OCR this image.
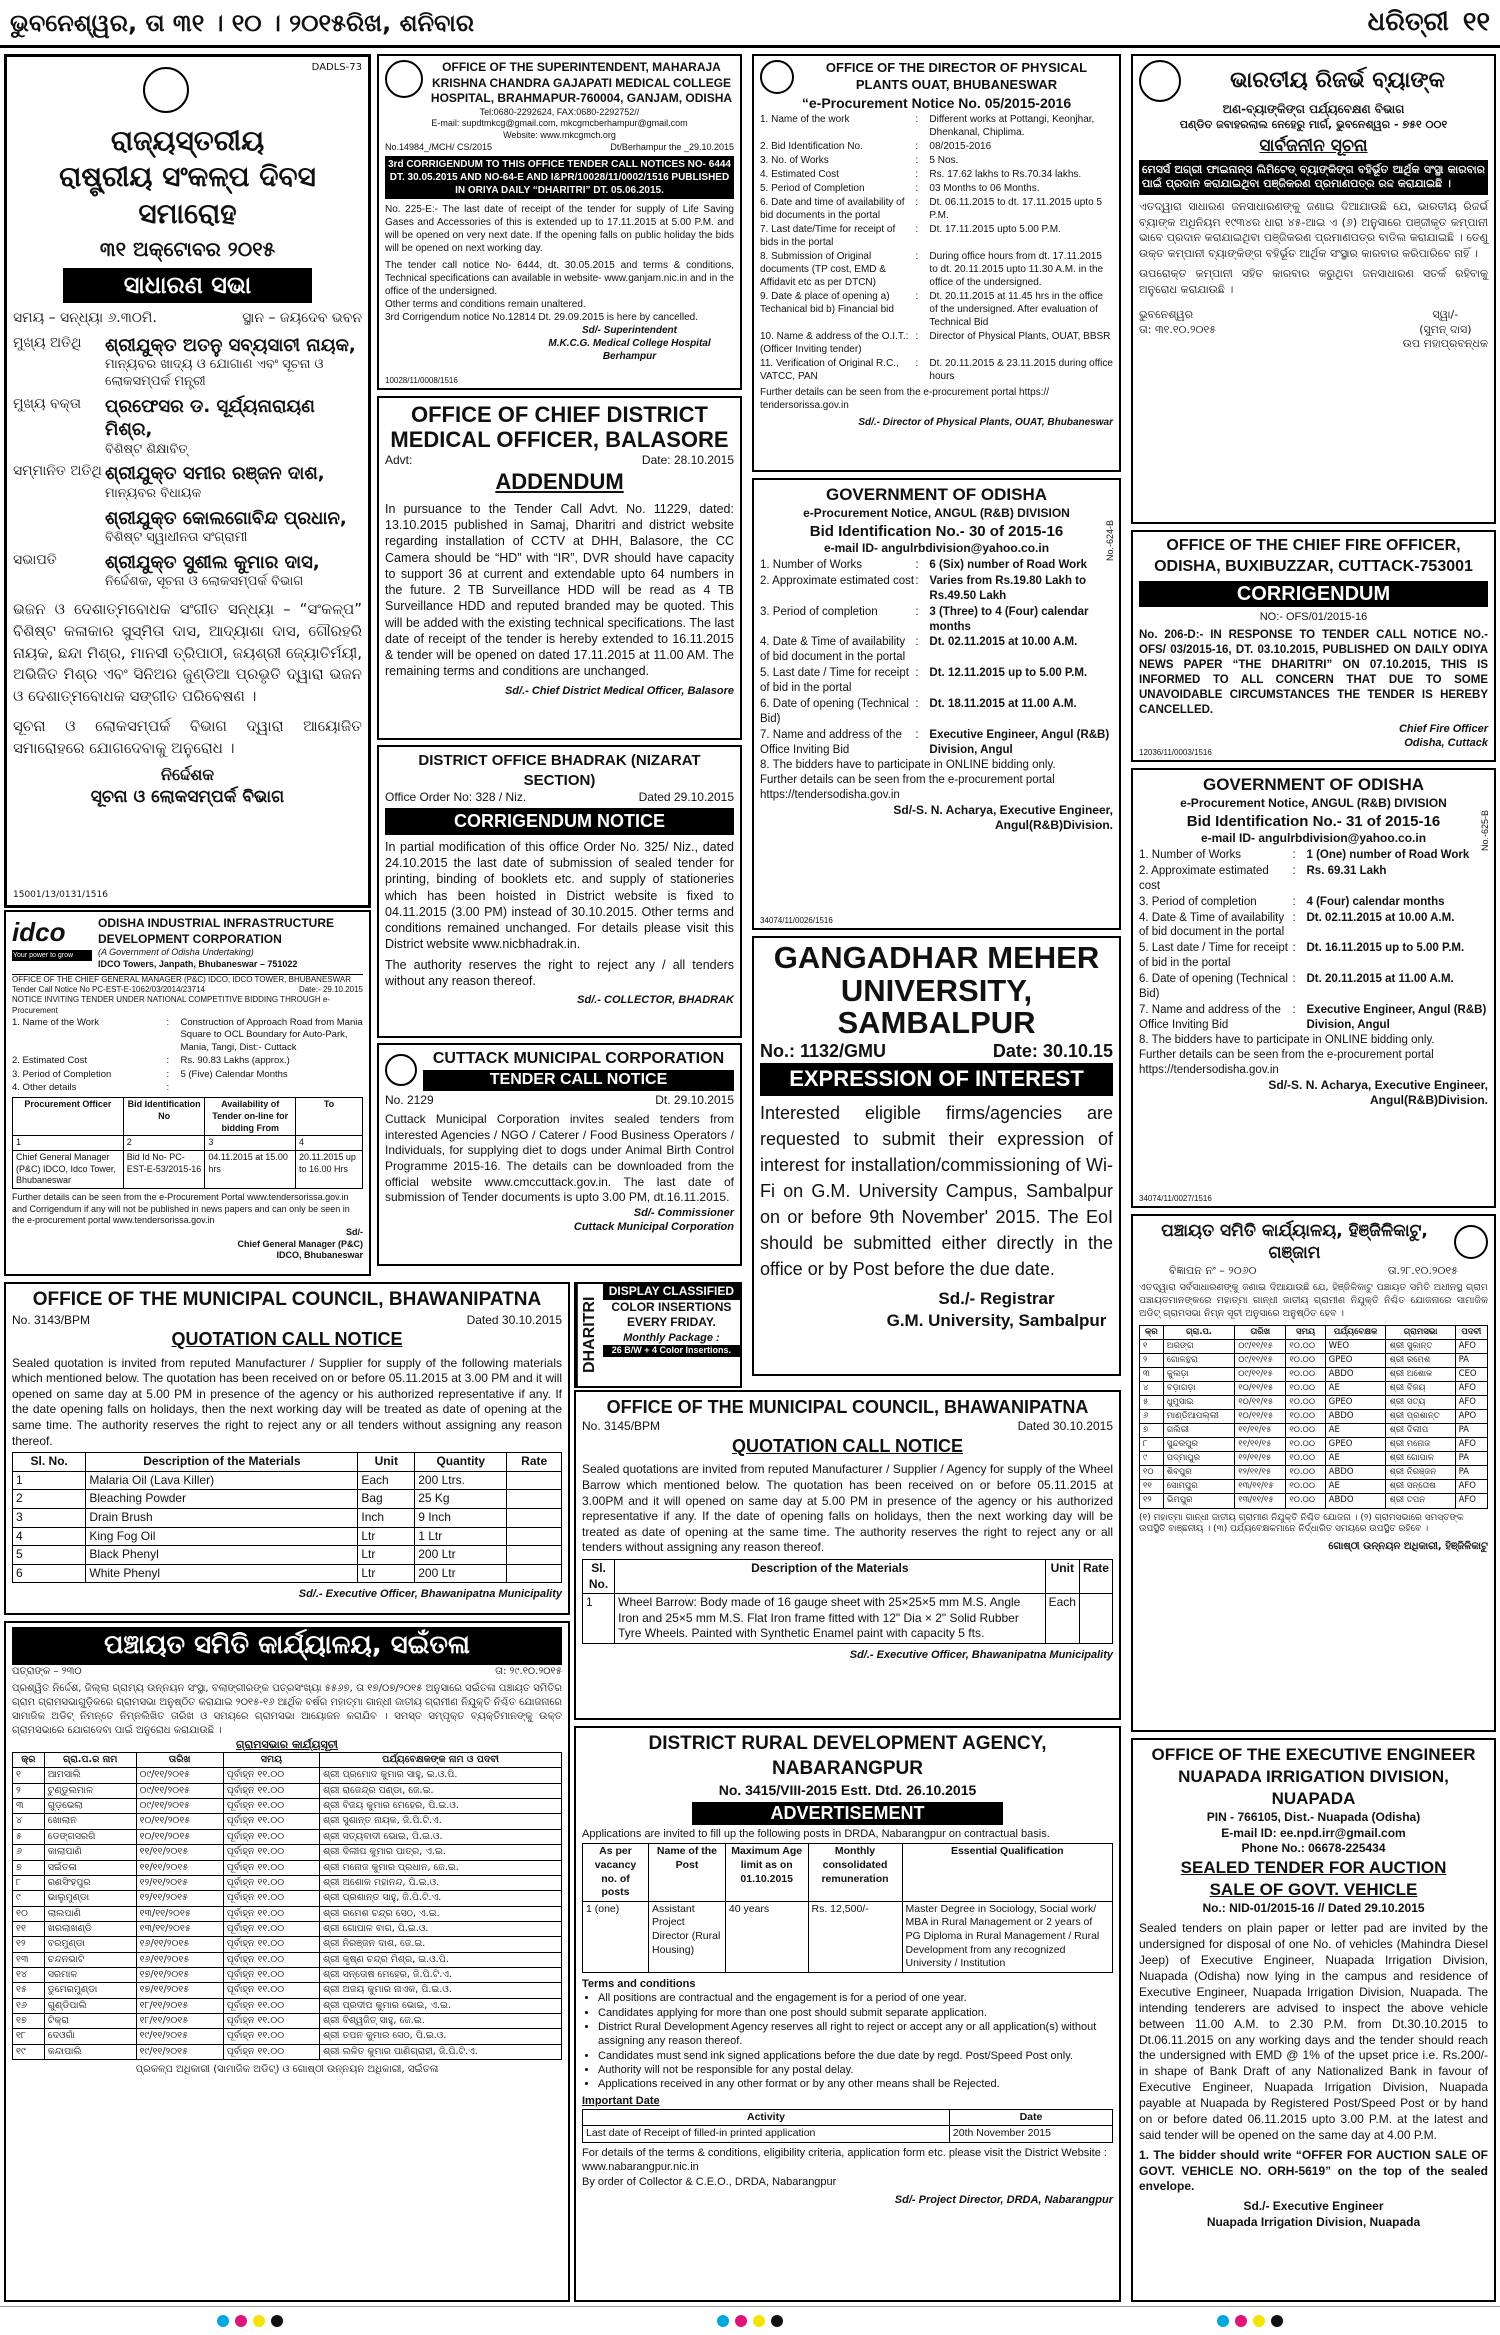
ଭୁବନେଶ୍ୱର, ତା ୩୧ । ୧୦ । ୨୦୧୫ରିଖ, ଶନିବାର	ଧରିତ୍ରୀ ୧୧
DADLS-73
ରାଜ୍ୟସ୍ତରୀୟ
ରାଷ୍ଟ୍ରୀୟ ସଂକଳ୍ପ ଦିବସ ସମାରୋହ
୩୧ ଅକ୍ଟୋବର ୨୦୧୫
ସାଧାରଣ ସଭା
ସମୟ – ସନ୍ଧ୍ୟା ୬.୩୦ମି.	ସ୍ଥାନ – ଜୟଦେବ ଭବନ
ମୁଖ୍ୟ ଅତିଥି	ଶ୍ରୀଯୁକ୍ତ ଅତନୁ ସବ୍ୟସାଚୀ ନାୟକ,
ମାନ୍ୟବର ଖାଦ୍ୟ ଓ ଯୋଗାଣ ଏବଂ ସୂଚନା ଓ ଲୋକସମ୍ପର୍କ ମନ୍ତ୍ରୀ
ମୁଖ୍ୟ ବକ୍ତା	ପ୍ରଫେସର ଡ. ସୂର୍ଯ୍ୟନାରାୟଣ ମିଶ୍ର,
ବିଶିଷ୍ଟ ଶିକ୍ଷାବିତ୍
ସମ୍ମାନିତ ଅତିଥି ଶ୍ରୀଯୁକ୍ତ ସମୀର ରଞ୍ଜନ ଦାଶ,
ମାନ୍ୟବର ବିଧାୟକ
ଶ୍ରୀଯୁକ୍ତ କୋଲଗୋବିନ୍ଦ ପ୍ରଧାନ,
ବିଶିଷ୍ଟ ସ୍ୱାଧୀନତା ସଂଗ୍ରାମୀ
ସଭାପତି	ଶ୍ରୀଯୁକ୍ତ ସୁଶୀଲ କୁମାର ଦାସ,
ନିର୍ଦ୍ଦେଶକ, ସୂଚନା ଓ ଲୋକସମ୍ପର୍କ ବିଭାଗ
ଭଜନ ଓ ଦେଶାତ୍ମବୋଧକ ସଂଗୀତ ସନ୍ଧ୍ୟା – “ସଂକଳ୍ପ” ବିଶିଷ୍ଟ କଳାକାର ସୁସ୍ମିତା ଦାସ, ଆଦ୍ୟାଶା ଦାସ, ଗୌରହରି ନାୟକ, ଛନ୍ଦା ମିଶ୍ର, ମାନସୀ ତ୍ରିପାଠୀ, ଜୟଶ୍ରୀ ଜ୍ୟୋତିର୍ମୟୀ, ଅଭିଜିତ ମିଶ୍ର ଏବଂ ସିନିଅର ଜୁଣ୍ଡିଆ ପ୍ରଭୃତି ଦ୍ୱାରା ଭଜନ ଓ ଦେଶାତ୍ମବୋଧକ ସଙ୍ଗୀତ ପରିବେଷଣ ।
ସୂଚନା ଓ ଲୋକସମ୍ପର୍କ ବିଭାଗ ଦ୍ୱାରା ଆୟୋଜିତ ସମାରୋହରେ ଯୋଗଦେବାକୁ ଅନୁରୋଧ ।
ନିର୍ଦ୍ଦେଶକ
ସୂଚନା ଓ ଲୋକସମ୍ପର୍କ ବିଭାଗ
15001/13/0131/1516
idco
Your power to grow
ODISHA INDUSTRIAL INFRASTRUCTURE DEVELOPMENT CORPORATION
(A Government of Odisha Undertaking)
IDCO Towers, Janpath, Bhubaneswar – 751022
OFFICE OF THE CHIEF GENERAL MANAGER (P&C) IDCO, IDCO TOWER, BHUBANESWAR
Tender Call Notice No PC-EST-E-1062/03/2014/23714	Date:- 29.10.2015
NOTICE INVITING TENDER UNDER NATIONAL COMPETITIVE BIDDING THROUGH e-Procurement
1. Name of the Work	:	Construction of Approach Road from Mania Square to OCL Boundary for Auto-Park, Mania, Tangi, Dist:- Cuttack
2. Estimated Cost	:	Rs. 90.83 Lakhs (approx.)
3. Period of Completion	:	5 (Five) Calendar Months
4. Other details	:
Procurement Officer	Bid Identification No	Availability of Tender on-line for bidding From	To
1	2	3	4
Chief General Manager (P&C) IDCO, Idco Tower, Bhubaneswar	Bid Id No- PC-EST-E-53/2015-16	04.11.2015 at 15.00 hrs	20.11.2015 up to 16.00 Hrs
Further details can be seen from the e-Procurement Portal www.tendersorissa.gov.in and Corrigendum if any will not be published in news papers and can only be seen in the e-procurement portal www.tendersorissa.gov.in
Sd/-
Chief General Manager (P&C)
IDCO, Bhubaneswar
OFFICE OF THE SUPERINTENDENT, MAHARAJA KRISHNA CHANDRA GAJAPATI MEDICAL COLLEGE HOSPITAL, BRAHMAPUR-760004, GANJAM, ODISHA
Tel:0680-2292624, FAX:0680-2292752//
E-mail: supdtmkcg@gmail.com, mkcgmcberhampur@gmail.com
Website: www.mkcgmch.org
No.14984_/MCH/ CS/2015	Dt/Berhampur the _29.10.2015
3rd CORRIGENDUM TO THIS OFFICE TENDER CALL NOTICES NO- 6444 DT. 30.05.2015 AND NO-64-E AND I&PR/10028/11/0002/1516 PUBLISHED IN ORIYA DAILY “DHARITRI” DT. 05.06.2015.
No. 225-E:- The last date of receipt of the tender for supply of Life Saving Gases and Accessories of this is extended up to 17.11.2015 at 5.00 P.M. and will be opened on very next date. If the opening falls on public holiday the bids will be opened on next working day.
The tender call notice No- 6444, dt. 30.05.2015 and terms & conditions, Technical specifications can available in website- www.ganjam.nic.in and in the office of the undersigned.
Other terms and conditions remain unaltered.
3rd Corrigendum notice No.12814 Dt. 29.09.2015 is here by cancelled.
Sd/- Superintendent
M.K.C.G. Medical College Hospital
Berhampur
10028/11/0008/1516
OFFICE OF CHIEF DISTRICT MEDICAL OFFICER, BALASORE
Advt:	Date: 28.10.2015
ADDENDUM
In pursuance to the Tender Call Advt. No. 11229, dated: 13.10.2015 published in Samaj, Dharitri and district website regarding installation of CCTV at DHH, Balasore, the CC Camera should be “HD” with “IR”, DVR should have capacity to support 36 at current and extendable upto 64 numbers in the future. 2 TB Surveillance HDD will be read as 4 TB Surveillance HDD and reputed branded may be quoted. This will be added with the existing technical specifications. The last date of receipt of the tender is hereby extended to 16.11.2015 & tender will be opened on dated 17.11.2015 at 11.00 AM. The remaining terms and conditions are unchanged.
Sd/.- Chief District Medical Officer, Balasore
DISTRICT OFFICE BHADRAK (NIZARAT SECTION)
Office Order No: 328 / Niz.	Dated 29.10.2015
CORRIGENDUM NOTICE
In partial modification of this office Order No. 325/ Niz., dated 24.10.2015 the last date of submission of sealed tender for printing, binding of booklets etc. and supply of stationeries which has been hoisted in District website is fixed to 04.11.2015 (3.00 PM) instead of 30.10.2015. Other terms and conditions remained unchanged. For details please visit this District website www.nicbhadrak.in.
The authority reserves the right to reject any / all tenders without any reason thereof.
Sd/.- COLLECTOR, BHADRAK
CUTTACK MUNICIPAL CORPORATION
TENDER CALL NOTICE
No. 2129	Dt. 29.10.2015
Cuttack Municipal Corporation invites sealed tenders from interested Agencies / NGO / Caterer / Food Business Operators / Individuals, for supplying diet to dogs under Animal Birth Control Programme 2015-16. The details can be downloaded from the official website www.cmccuttack.gov.in. The last date of submission of Tender documents is upto 3.00 PM, dt.16.11.2015.
Sd/- Commissioner
Cuttack Municipal Corporation
OFFICE OF THE DIRECTOR OF PHYSICAL PLANTS OUAT, BHUBANESWAR
“e-Procurement Notice No. 05/2015-2016
1. Name of the work	:	Different works at Pottangi, Keonjhar, Dhenkanal, Chiplima.
2. Bid Identification No.	:	08/2015-2016
3. No. of Works	:	5 Nos.
4. Estimated Cost	:	Rs. 17.62 lakhs to Rs.70.34 lakhs.
5. Period of Completion	:	03 Months to 06 Months.
6. Date and time of availability of bid documents in the portal
:	Dt. 06.11.2015 to dt. 17.11.2015 upto 5 P.M.
7. Last date/Time for receipt of bids in the portal
:	Dt. 17.11.2015 upto 5.00 P.M.
8. Submission of Original documents (TP cost, EMD & Affidavit etc as per DTCN)
:	During office hours from dt. 17.11.2015 to dt. 20.11.2015 upto 11.30 A.M. in the office of the undersigned.
9. Date & place of opening a) Techanical bid b) Financial bid
:	Dt. 20.11.2015 at 11.45 hrs in the office of the undersigned. After evaluation of Technical Bid
10. Name & address of the O.I.T.: (Officer Inviting tender)
:	Director of Physical Plants, OUAT, BBSR
11. Verification of Original R.C., VATCC, PAN
:	Dt. 20.11.2015 & 23.11.2015 during office hours
Further details can be seen from the e-procurement portal https:// tendersorissa.gov.in
Sd/.- Director of Physical Plants, OUAT, Bhubaneswar
No.-624-B
GOVERNMENT OF ODISHA
e-Procurement Notice, ANGUL (R&B) DIVISION
Bid Identification No.- 30 of 2015-16
e-mail ID- angulrbdivision@yahoo.co.in
1. Number of Works	: 6 (Six) number of Road Work
2. Approximate estimated cost : Varies from Rs.19.80 Lakh to Rs.49.50 Lakh
3. Period of completion	: 3 (Three) to 4 (Four) calendar months
4. Date & Time of availability of bid document in the portal
: Dt. 02.11.2015 at 10.00 A.M.
5. Last date / Time for receipt of bid in the portal
: Dt. 12.11.2015 up to 5.00 P.M.
6. Date of opening (Technical Bid)
: Dt. 18.11.2015 at 11.00 A.M.
7. Name and address of the Office Inviting Bid
: Executive Engineer, Angul (R&B) Division, Angul
8. The bidders have to participate in ONLINE bidding only.
Further details can be seen from the e-procurement portal https://tendersodisha.gov.in
Sd/-S. N. Acharya, Executive Engineer,
Angul(R&B)Division.
34074/11/0026/1516
GANGADHAR MEHER UNIVERSITY, SAMBALPUR
No.: 1132/GMU	Date: 30.10.15
EXPRESSION OF INTEREST
Interested eligible firms/agencies are requested to submit their expression of interest for installation/commissioning of Wi-Fi on G.M. University Campus, Sambalpur on or before 9th November' 2015. The EoI should be submitted either directly in the office or by Post before the due date.
Sd./- Registrar
G.M. University, Sambalpur
ଭାରତୀୟ ରିଜର୍ଭ ବ୍ୟାଙ୍କ
ଅଣ-ବ୍ୟାଙ୍କିଙ୍ଗ ପର୍ଯ୍ୟବେକ୍ଷଣ ବିଭାଗ
ପଣ୍ଡିତ ଜବାହରଲାଲ ନେହେରୁ ମାର୍ଗ, ଭୁବନେଶ୍ୱର - ୭୫୧ ୦୦୧
ସାର୍ବଜନୀନ ସୂଚନା
ମେସର୍ସ ଅଗ୍ରୀ ଫାଇନାନ୍ସ ଲିମିଟେଡ୍ ବ୍ୟାଙ୍କିଙ୍ଗ ବହିର୍ଭୂତ ଆର୍ଥିକ ସଂସ୍ଥା କାରବାର ପାଇଁ ପ୍ରଦାନ କରାଯାଇଥିବା ପଞ୍ଜିକରଣ ପ୍ରମାଣପତ୍ର ରଦ୍ଦ କରାଯାଇଛି ।
ଏତଦ୍ୱାରା ସାଧାରଣ ଜନସାଧାରଣଙ୍କୁ ଜଣାଇ ଦିଆଯାଉଛି ଯେ, ଭାରତୀୟ ରିଜର୍ଭ ବ୍ୟାଙ୍କ ଅଧିନିୟମ ୧୯୩୪ର ଧାରା ୪୫-ଆଇ ଏ (୬) ଅନୁସାରେ ପଞ୍ଜୀକୃତ କମ୍ପାନୀ ଭାବେ ପ୍ରଦାନ କରାଯାଇଥିବା ପଞ୍ଜିକରଣ ପ୍ରମାଣପତ୍ର ବାତିଲ କରାଯାଇଛି । ତେଣୁ ଉକ୍ତ କମ୍ପାନୀ ବ୍ୟାଙ୍କିଙ୍ଗ ବହିର୍ଭୂତ ଆର୍ଥିକ ସଂସ୍ଥାର କାରବାର କରିପାରିବେ ନାହିଁ ।
ଉପରୋକ୍ତ କମ୍ପାନୀ ସହିତ କାରବାର କରୁଥିବା ଜନସାଧାରଣ ସତର୍କ ରହିବାକୁ ଅନୁରୋଧ କରାଯାଉଛି ।
ଭୁବନେଶ୍ୱର
ତା: ୩୧.୧୦.୨୦୧୫
ସ୍ୱା/-
(ସୁମନ୍ ଦାସ)
ଉପ ମହାପ୍ରବନ୍ଧକ
OFFICE OF THE CHIEF FIRE OFFICER, ODISHA, BUXIBUZZAR, CUTTACK-753001
CORRIGENDUM
NO:- OFS/01/2015-16
No. 206-D:- IN RESPONSE TO TENDER CALL NOTICE NO.- OFS/ 03/2015-16, DT. 03.10.2015, PUBLISHED ON DAILY ODIYA NEWS PAPER “THE DHARITRI” ON 07.10.2015, THIS IS INFORMED TO ALL CONCERN THAT DUE TO SOME UNAVOIDABLE CIRCUMSTANCES THE TENDER IS HEREBY CANCELLED.
Chief Fire Officer
Odisha, Cuttack
12036/11/0003/1516
No.-625-B
GOVERNMENT OF ODISHA
e-Procurement Notice, ANGUL (R&B) DIVISION
Bid Identification No.- 31 of 2015-16
e-mail ID- angulrbdivision@yahoo.co.in
1. Number of Works	: 1 (One) number of Road Work
2. Approximate estimated cost
: Rs. 69.31 Lakh
3. Period of completion	: 4 (Four) calendar months
4. Date & Time of availability of bid document in the portal
: Dt. 02.11.2015 at 10.00 A.M.
5. Last date / Time for receipt of bid in the portal
: Dt. 16.11.2015 up to 5.00 P.M.
6. Date of opening (Technical Bid)
: Dt. 20.11.2015 at 11.00 A.M.
7. Name and address of the Office Inviting Bid
: Executive Engineer, Angul (R&B) Division, Angul
8. The bidders have to participate in ONLINE bidding only.
Further details can be seen from the e-procurement portal https://tendersodisha.gov.in
Sd/-S. N. Acharya, Executive Engineer,
Angul(R&B)Division.
34074/11/0027/1516
ପଞ୍ଚାୟତ ସମିତି କାର୍ଯ୍ୟାଳୟ, ହିଞ୍ଜିଳିକାଟୁ, ଗଞ୍ଜାମ
ବିଜ୍ଞାପନ ନଂ – ୨୦୬୦	ତା.୨୮.୧୦.୨୦୧୫
ଏତଦ୍ୱାରା ସର୍ବସାଧାରଣଙ୍କୁ ଜଣାଇ ଦିଆଯାଉଛି ଯେ, ହିଞ୍ଜିଳିକାଟୁ ପଞ୍ଚାୟତ ସମିତି ଅଧୀନସ୍ଥ ଗ୍ରାମ ପଞ୍ଚାୟତମାନଙ୍କରେ ମହାତ୍ମା ଗାନ୍ଧୀ ଜାତୀୟ ଗ୍ରାମୀଣ ନିଯୁକ୍ତି ନିଶ୍ଚିତ ଯୋଜନାରେ ସାମାଜିକ ଅଡିଟ୍ ଗ୍ରାମସଭା ନିମ୍ନ ସୂଚୀ ଅନୁସାରେ ଅନୁଷ୍ଠିତ ହେବ ।
କ୍ର	ଗ୍ରା.ପ.	ତାରିଖ	ସମୟ	ପର୍ଯ୍ୟବେକ୍ଷକ	ଗ୍ରାମସଭା	ପଦବୀ
୧	ଅରଙ୍ଗ	୦୯/୧୧/୧୫	୧୦.୦୦	WEO	ଶ୍ରୀ ସୁକାନ୍ତ	AFO
୨	ଗୋଳନ୍ଥରା	୦୯/୧୧/୧୫	୧୦.୦୦	GPEO	ଶ୍ରୀ ରମେଶ	PA
୩	କୁଲଡ଼ା	୦୯/୧୧/୧୫	୧୦.୦୦	ABDO	ଶ୍ରୀ ଅଶୋକ	CEO
୪	ବଡ଼ାଗଡ଼ା	୧୦/୧୧/୧୫	୧୦.୦୦	AE	ଶ୍ରୀ ବିଜୟ	AFO
୫	ଧୁମୁସାଇ	୧୦/୧୧/୧୫	୧୦.୦୦	GPEO	ଶ୍ରୀ ସତ୍ୟ	AFO
୬	ମାଣ୍ଡିଆପଲ୍ଲୀ	୧୦/୧୧/୧୫	୧୦.୦୦	ABDO	ଶ୍ରୀ ପ୍ରଶାନ୍ତ	APO
୭	ଗଲିରୀ	୧୧/୧୧/୧୫	୧୦.୦୦	AE	ଶ୍ରୀ ଦିଲୀପ	PA
୮	ସୁନ୍ଦରପୁର	୧୧/୧୧/୧୫	୧୦.୦୦	GPEO	ଶ୍ରୀ ମନୋଜ	AFO
୯	ପଦ୍ମାପୁର	୧୨/୧୧/୧୫	୧୦.୦୦	AE	ଶ୍ରୀ ଗୋପାଳ	PA
୧୦	ଶିବପୁର	୧୨/୧୧/୧୫	୧୦.୦୦	ABDO	ଶ୍ରୀ ନିରଞ୍ଜନ	PA
୧୧	ସୋମପୁର	୧୩/୧୧/୧୫	୧୦.୦୦	AE	ଶ୍ରୀ ସନ୍ତୋଷ	AFO
୧୨	ଭିମପୁର	୧୩/୧୧/୧୫	୧୦.୦୦	ABDO	ଶ୍ରୀ ତପନ	AFO
(୧) ମହାତ୍ମା ଗାନ୍ଧୀ ଜାତୀୟ ଗ୍ରାମୀଣ ନିଯୁକ୍ତି ନିଶ୍ଚିତ ଯୋଜନା । (୨) ଗ୍ରାମସଭାରେ ସମସ୍ତଙ୍କ ଉପସ୍ଥିତି ବାଞ୍ଛନୀୟ । (୩) ପର୍ଯ୍ୟବେକ୍ଷକମାନେ ନିର୍ଦ୍ଧାରିତ ସମୟରେ ଉପସ୍ଥିତ ରହିବେ ।
ଗୋଷ୍ଠୀ ଉନ୍ନୟନ ଅଧିକାରୀ, ହିଞ୍ଜିଳିକାଟୁ
OFFICE OF THE MUNICIPAL COUNCIL, BHAWANIPATNA
No. 3143/BPM	Dated 30.10.2015
QUOTATION CALL NOTICE
Sealed quotation is invited from reputed Manufacturer / Supplier for supply of the following materials which mentioned below. The quotation has been received on or before 05.11.2015 at 3.00 PM and it will opened on same day at 5.00 PM in presence of the agency or his authorized representative if any. If the date opening falls on holidays, then the next working day will be treated as date of opening at the same time. The authority reserves the right to reject any or all tenders without assigning any reason thereof.
Sl. No.	Description of the Materials	Unit	Quantity	Rate
1	Malaria Oil (Lava Killer)	Each	200 Ltrs.	
2	Bleaching Powder	Bag	25 Kg	
3	Drain Brush	Inch	9 Inch	
4	King Fog Oil	Ltr	1 Ltr	
5	Black Phenyl	Ltr	200 Ltr	
6	White Phenyl	Ltr	200 Ltr	
Sd/.- Executive Officer, Bhawanipatna Municipality
DHARITRI
DISPLAY CLASSIFIED
COLOR INSERTIONS
EVERY FRIDAY.
Monthly Package :
26 B/W + 4 Color Insertions.
OFFICE OF THE MUNICIPAL COUNCIL, BHAWANIPATNA
No. 3145/BPM	Dated 30.10.2015
QUOTATION CALL NOTICE
Sealed quotations are invited from reputed Manufacturer / Supplier / Agency for supply of the Wheel Barrow which mentioned below. The quotation has been received on or before 05.11.2015 at 3.00PM and it will opened on same day at 5.00 PM in presence of the agency or his authorized representative if any. If the date of opening falls on holidays, then the next working day will be treated as date of opening at the same time. The authority reserves the right to reject any or all tenders without assigning any reason thereof.
Sl. No.	Description of the Materials	Unit	Rate
1	Wheel Barrow: Body made of 16 gauge sheet with 25×25×5 mm M.S. Angle Iron and 25×5 mm M.S. Flat Iron frame fitted with 12" Dia × 2" Solid Rubber Tyre Wheels. Painted with Synthetic Enamel paint with capacity 5 fts.	Each	
Sd/.- Executive Officer, Bhawanipatna Municipality
ପଞ୍ଚାୟତ ସମିତି କାର୍ଯ୍ୟାଳୟ, ସଇଁତଳା
ପତ୍ରାଙ୍କ – ୨୩୦	ତା: ୨୯.୧୦.୨୦୧୫
ପ୍ରଶ୍ୱିତ ନିର୍ଦ୍ଦେଶ, ଜିଲ୍ଲା ଗ୍ରାମ୍ୟ ଉନ୍ନୟନ ସଂସ୍ଥା, ବଲାଙ୍ଗୀରଙ୍କ ପତ୍ରସଂଖ୍ୟା ୫୫୬୭, ତା ୧୭/୦୭/୨୦୧୫ ଅନୁସାରେ ସଇଁତଳା ପଞ୍ଚାୟତ ସମିତିର ଗ୍ରାମ ଗ୍ରାମସଭାଗୁଡ଼ିକରେ ଗ୍ରାମସଭା ଅନୁଷ୍ଠିତ କରାଯାଇ ୨୦୧୫-୧୬ ଆର୍ଥିକ ବର୍ଷର ମହାତ୍ମା ଗାନ୍ଧୀ ଜାତୀୟ ଗ୍ରାମୀଣ ନିଯୁକ୍ତି ନିଶ୍ଚିତ ଯୋଜନାରେ ସାମାଜିକ ଅଡିଟ୍ ନିମନ୍ତେ ନିମ୍ନଲିଖିତ ତାରିଖ ଓ ସମୟରେ ଗ୍ରାମସଭା ଆୟୋଜନ କରାଯିବ । ସମସ୍ତ ସମ୍ପୃକ୍ତ ବ୍ୟକ୍ତିମାନଙ୍କୁ ଉକ୍ତ ଗ୍ରାମସଭାରେ ଯୋଗଦେବା ପାଇଁ ଅନୁରୋଧ କରାଯାଉଛି ।
ଗ୍ରାମସଭାର କାର୍ଯ୍ୟସୂଚୀ
କ୍ର	ଗ୍ରା.ପ.ର ନାମ	ତାରିଖ	ସମୟ	ପର୍ଯ୍ୟବେକ୍ଷକଙ୍କ ନାମ ଓ ପଦବୀ
୧	ଆମସାଲି	୦୯/୧୧/୨୦୧୫	ପୂର୍ବାହ୍ନ ୧୧.୦୦	ଶ୍ରୀ ପ୍ରମୋଦ କୁମାର ସାହୁ, ଇ.ଓ.ପି.
୨	ଟୁଣ୍ଡୁଲମାଳ	୦୯/୧୧/୨୦୧୫	ପୂର୍ବାହ୍ନ ୧୧.୦୦	ଶ୍ରୀ ରାଜେନ୍ଦ୍ର ପଣ୍ଡା, ଜେ.ଇ.
୩	ଗୁଡ଼ଭେଲା	୦୯/୧୧/୨୦୧୫	ପୂର୍ବାହ୍ନ ୧୧.୦୦	ଶ୍ରୀ ବିଜୟ କୁମାର ମେହେର, ପି.ଇ.ଓ.
୪	ଖୋଲାନ	୧୦/୧୧/୨୦୧୫	ପୂର୍ବାହ୍ନ ୧୧.୦୦	ଶ୍ରୀ ସୁଶାନ୍ତ ନାୟକ, ଜି.ପି.ଟି.ଏ.
୫	ଡେଙ୍ଗସରଗି	୧୦/୧୧/୨୦୧୫	ପୂର୍ବାହ୍ନ ୧୧.୦୦	ଶ୍ରୀ ସତ୍ୟବାଦୀ ଭୋଇ, ପି.ଇ.ଓ.
୬	କାଲାପାଣି	୧୧/୧୧/୨୦୧୫	ପୂର୍ବାହ୍ନ ୧୧.୦୦	ଶ୍ରୀ ଦିଲୀପ କୁମାର ପାତ୍ର, ଏ.ଇ.
୭	ସଇଁତଳା	୧୧/୧୧/୨୦୧୫	ପୂର୍ବାହ୍ନ ୧୧.୦୦	ଶ୍ରୀ ମନୋଜ କୁମାର ପ୍ରଧାନ, ଜେ.ଇ.
୮	ରଣସିଂହପୁର	୧୨/୧୧/୨୦୧୫	ପୂର୍ବାହ୍ନ ୧୧.୦୦	ଶ୍ରୀ ଅଶୋକ ମହାନନ୍ଦ, ପି.ଇ.ଓ.
୯	ଭାଲୁମୁଣ୍ଡା	୧୨/୧୧/୨୦୧୫	ପୂର୍ବାହ୍ନ ୧୧.୦୦	ଶ୍ରୀ ପ୍ରଶାନ୍ତ ସାହୁ, ଜି.ପି.ଟି.ଏ.
୧୦	ଲାଲପାଣି	୧୩/୧୧/୨୦୧୫	ପୂର୍ବାହ୍ନ ୧୧.୦୦	ଶ୍ରୀ ରମେଶ ଚନ୍ଦ୍ର ସେଠ, ଏ.ଇ.
୧୧	ଖରଲାଖଣ୍ଡି	୧୩/୧୧/୨୦୧୫	ପୂର୍ବାହ୍ନ ୧୧.୦୦	ଶ୍ରୀ ଗୋପାଳ ବାଗ, ପି.ଇ.ଓ.
୧୨	ବରମୁଣ୍ଡା	୧୬/୧୧/୨୦୧୫	ପୂର୍ବାହ୍ନ ୧୧.୦୦	ଶ୍ରୀ ନିରଞ୍ଜନ ଦାଶ, ଜେ.ଇ.
୧୩	ଚନ୍ଦନଭାଟି	୧୬/୧୧/୨୦୧୫	ପୂର୍ବାହ୍ନ ୧୧.୦୦	ଶ୍ରୀ କୃଷ୍ଣ ଚନ୍ଦ୍ର ମିଶ୍ର, ଇ.ଓ.ପି.
୧୪	ସରମାଳ	୧୭/୧୧/୨୦୧୫	ପୂର୍ବାହ୍ନ ୧୧.୦୦	ଶ୍ରୀ ସନ୍ତୋଷ ମେହେର, ଜି.ପି.ଟି.ଏ.
୧୫	ଡୁମେରମୁଣ୍ଡା	୧୭/୧୧/୨୦୧୫	ପୂର୍ବାହ୍ନ ୧୧.୦୦	ଶ୍ରୀ ଅଜୟ କୁମାର ନାଏକ, ପି.ଇ.ଓ.
୧୬	ଗୁଣ୍ଡିପାଲି	୧୮/୧୧/୨୦୧୫	ପୂର୍ବାହ୍ନ ୧୧.୦୦	ଶ୍ରୀ ପ୍ରଦୀପ କୁମାର ଭୋଇ, ଏ.ଇ.
୧୭	ଟିକ୍ରା	୧୮/୧୧/୨୦୧୫	ପୂର୍ବାହ୍ନ ୧୧.୦୦	ଶ୍ରୀ ବିଶ୍ୱଜିତ୍ ସାହୁ, ଜେ.ଇ.
୧୮	ଦେଓଗାଁ	୧୯/୧୧/୨୦୧୫	ପୂର୍ବାହ୍ନ ୧୧.୦୦	ଶ୍ରୀ ତପନ କୁମାର ସେଠ, ପି.ଇ.ଓ.
୧୯	କନ୍ଦାପାଲି	୧୯/୧୧/୨୦୧୫	ପୂର୍ବାହ୍ନ ୧୧.୦୦	ଶ୍ରୀ ଲଳିତ କୁମାର ପାଣିଗ୍ରାହୀ, ଜି.ପି.ଟି.ଏ.
ପ୍ରକଳ୍ପ ଅଧିକାରୀ (ସାମାଜିକ ଅଡିଟ୍) ଓ ଗୋଷ୍ଠୀ ଉନ୍ନୟନ ଅଧିକାରୀ, ସଇଁତଳା
DISTRICT RURAL DEVELOPMENT AGENCY, NABARANGPUR
No. 3415/VIII-2015 Estt. Dtd. 26.10.2015
ADVERTISEMENT
Applications are invited to fill up the following posts in DRDA, Nabarangpur on contractual basis.
As per vacancy no. of posts	Name of the Post	Maximum Age limit as on 01.10.2015	Monthly consolidated remuneration	Essential Qualification
1 (one)	Assistant Project Director (Rural Housing)	40 years	Rs. 12,500/-	Master Degree in Sociology, Social work/ MBA in Rural Management or 2 years of PG Diploma in Rural Management / Rural Development from any recognized University / Institution
Terms and conditions
• All positions are contractual and the engagement is for a period of one year.
• Candidates applying for more than one post should submit separate application.
• District Rural Development Agency reserves all right to reject or accept any or all application(s) without assigning any reason thereof.
• Candidates must send ink signed applications before the due date by regd. Post/Speed Post only.
• Authority will not be responsible for any postal delay.
• Applications received in any other format or by any other means shall be Rejected.
Important Date
Activity	Date
Last date of Receipt of filled-in printed application	20th November 2015
For details of the terms & conditions, eligibility criteria, application form etc. please visit the District Website : www.nabarangpur.nic.in
By order of Collector & C.E.O., DRDA, Nabarangpur
Sd/- Project Director, DRDA, Nabarangpur
OFFICE OF THE EXECUTIVE ENGINEER NUAPADA IRRIGATION DIVISION, NUAPADA
PIN - 766105, Dist.- Nuapada (Odisha)
E-mail ID: ee.npd.irr@gmail.com
Phone No.: 06678-225434
SEALED TENDER FOR AUCTION
SALE OF GOVT. VEHICLE
No.: NID-01/2015-16 // Dated 29.10.2015
Sealed tenders on plain paper or letter pad are invited by the undersigned for disposal of one No. of vehicles (Mahindra Diesel Jeep) of Executive Engineer, Nuapada Irrigation Division, Nuapada (Odisha) now lying in the campus and residence of Executive Engineer, Nuapada Irrigation Division, Nuapada. The intending tenderers are advised to inspect the above vehicle between 11.00 A.M. to 2.30 P.M. from Dt.30.10.2015 to Dt.06.11.2015 on any working days and the tender should reach the undersigned with EMD @ 1% of the upset price i.e. Rs.200/- in shape of Bank Draft of any Nationalized Bank in favour of Executive Engineer, Nuapada Irrigation Division, Nuapada payable at Nuapada by Registered Post/Speed Post or by hand on or before dated 06.11.2015 upto 3.00 P.M. at the latest and said tender will be opened on the same day at 4.00 P.M.
1. The bidder should write “OFFER FOR AUCTION SALE OF GOVT. VEHICLE NO. ORH-5619” on the top of the sealed envelope.
Sd./- Executive Engineer
Nuapada Irrigation Division, Nuapada
